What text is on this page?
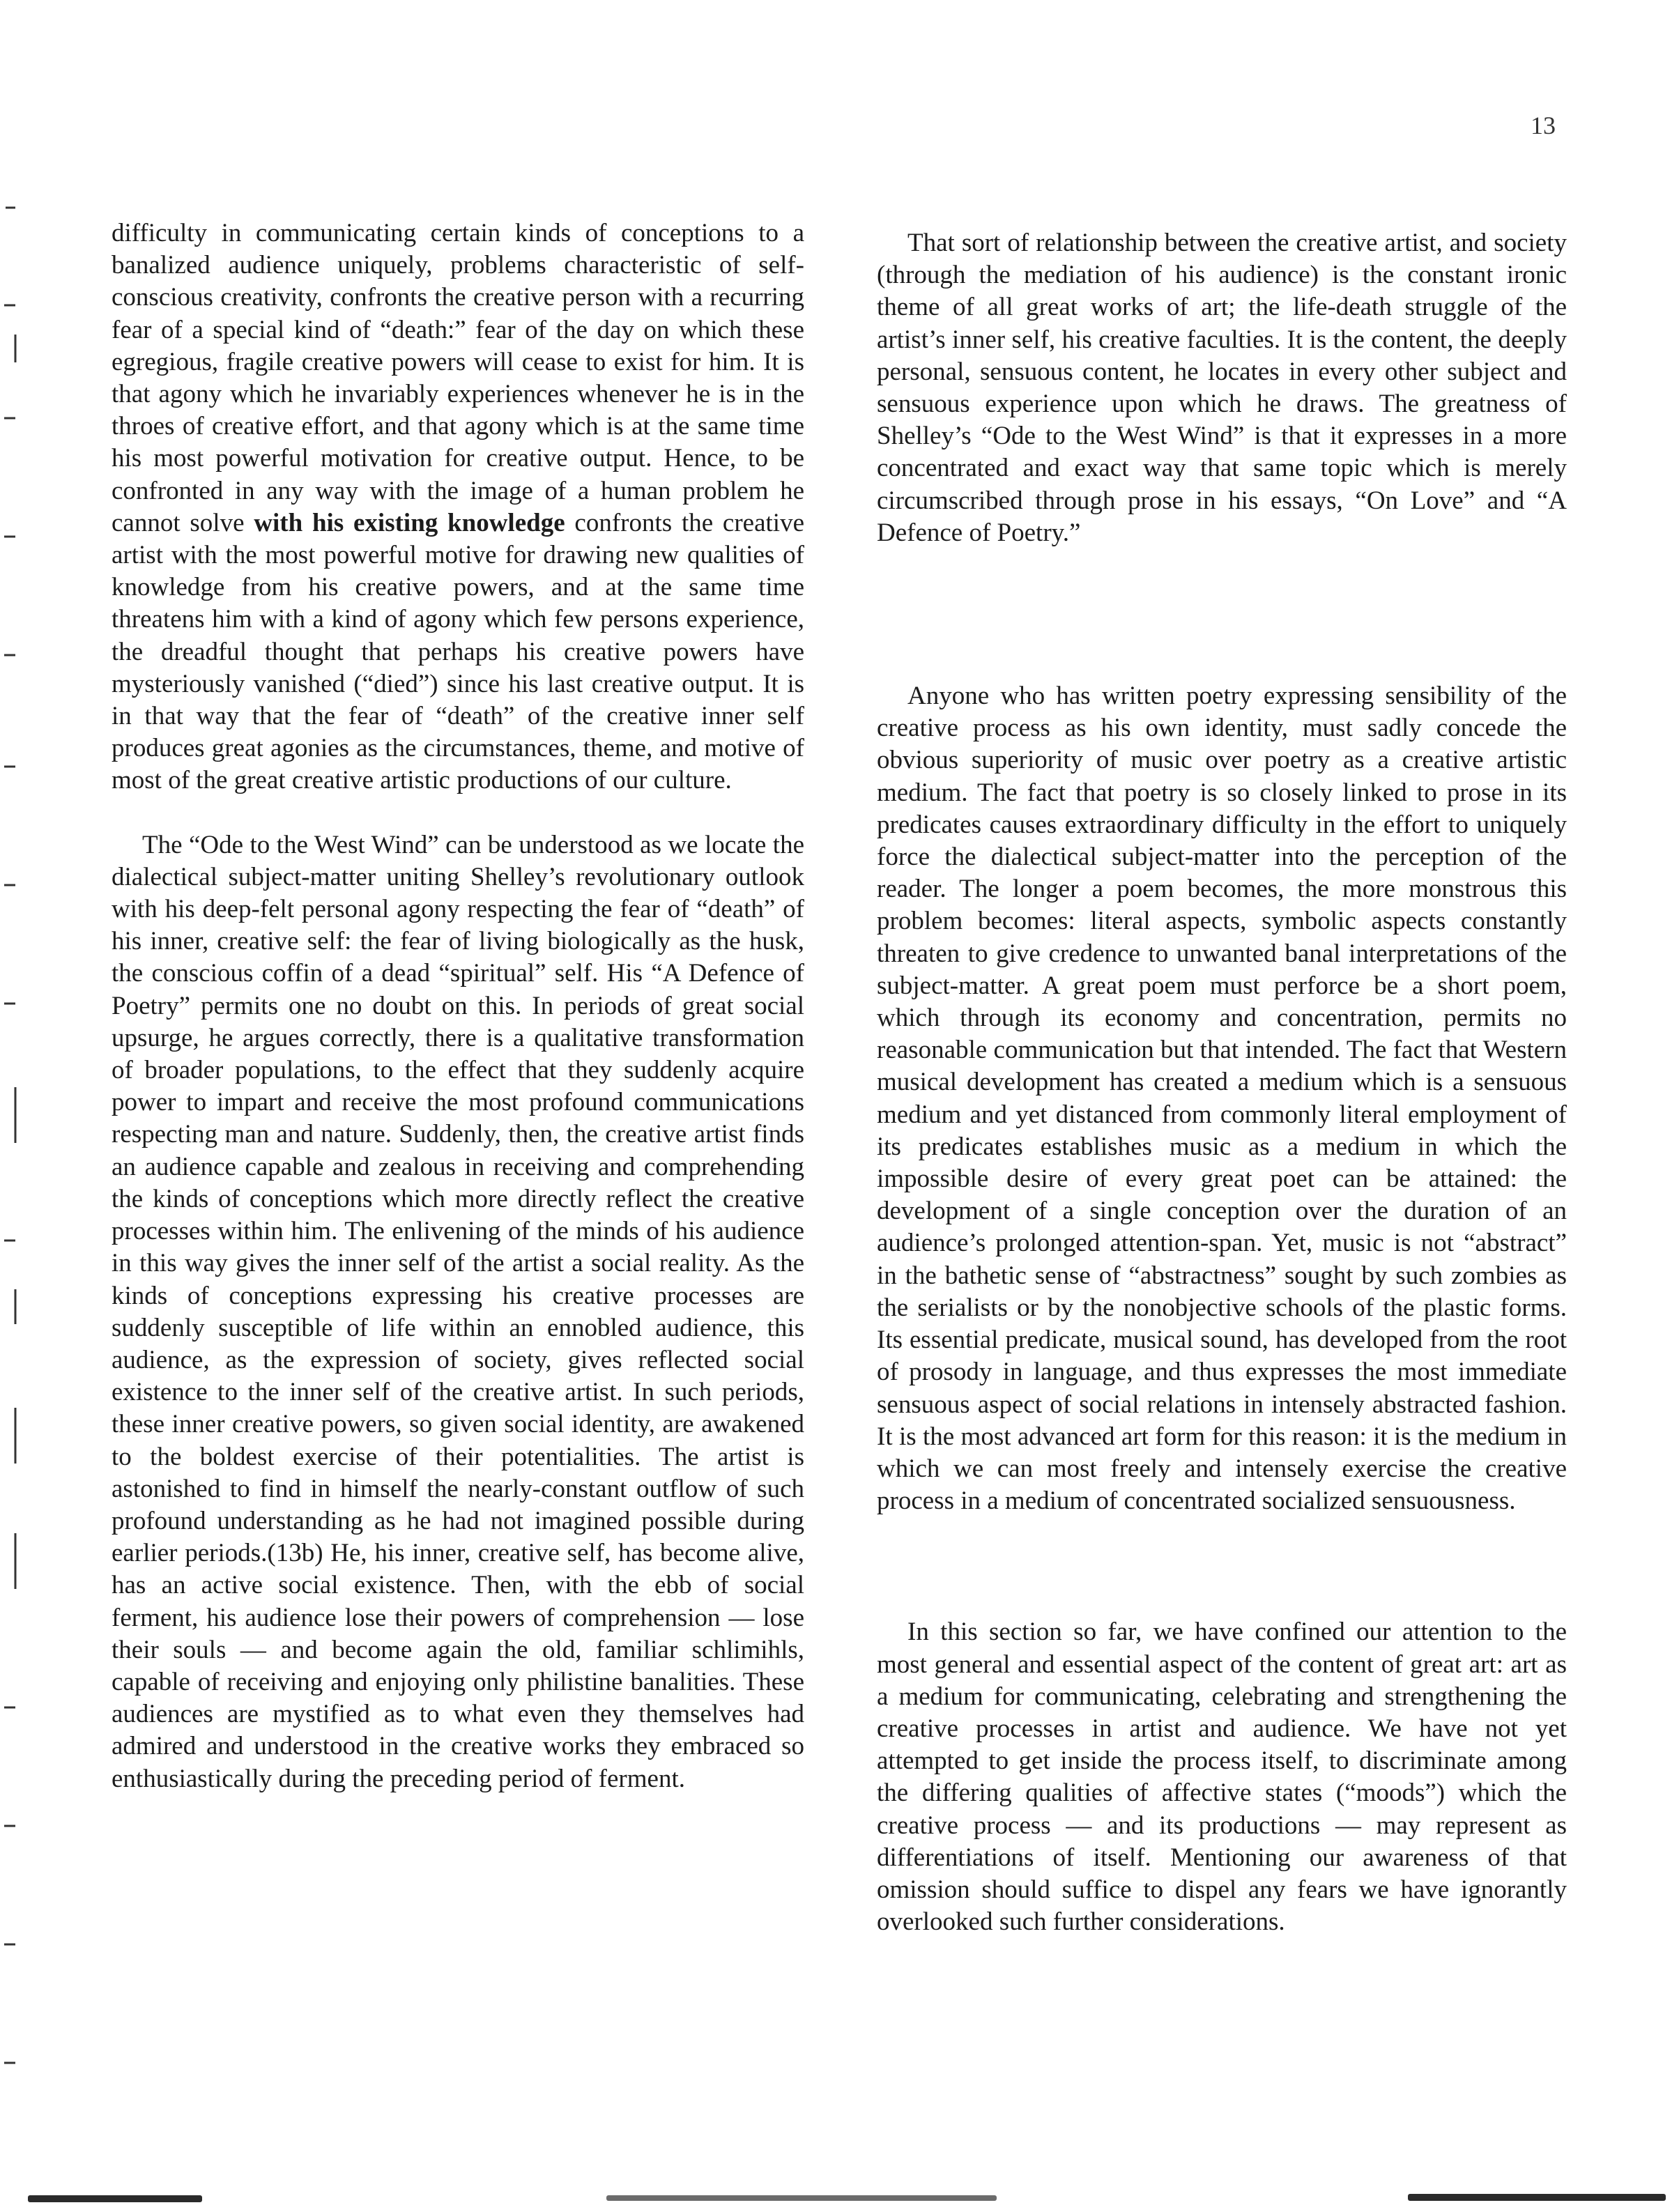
13

difficulty in communicating certain kinds of conceptions to a banalized audience uniquely, problems characteristic of self-conscious creativity, confronts the creative person with a recurring fear of a special kind of “death:” fear of the day on which these egregious, fragile creative powers will cease to exist for him. It is that agony which he invariably experiences whenever he is in the throes of creative effort, and that agony which is at the same time his most powerful motivation for creative output. Hence, to be confronted in any way with the image of a human problem he cannot solve with his existing knowledge confronts the creative artist with the most powerful motive for drawing new qualities of knowledge from his creative powers, and at the same time threatens him with a kind of agony which few persons experience, the dreadful thought that perhaps his creative powers have mysteriously vanished (“died”) since his last creative output. It is in that way that the fear of “death” of the creative inner self produces great agonies as the circumstances, theme, and motive of most of the great creative artistic productions of our culture.

The “Ode to the West Wind” can be understood as we locate the dialectical subject-matter uniting Shelley’s revolutionary outlook with his deep-felt personal agony respecting the fear of “death” of his inner, creative self: the fear of living biologically as the husk, the conscious coffin of a dead “spiritual” self. His “A Defence of Poetry” permits one no doubt on this. In periods of great social upsurge, he argues correctly, there is a qualitative transformation of broader populations, to the effect that they suddenly acquire power to impart and receive the most profound communications respecting man and nature. Suddenly, then, the creative artist finds an audience capable and zealous in receiving and comprehending the kinds of conceptions which more directly reflect the creative processes within him. The enlivening of the minds of his audience in this way gives the inner self of the artist a social reality. As the kinds of conceptions expressing his creative processes are suddenly susceptible of life within an ennobled audience, this audience, as the expression of society, gives reflected social existence to the inner self of the creative artist. In such periods, these inner creative powers, so given social identity, are awakened to the boldest exercise of their potentialities. The artist is astonished to find in himself the nearly-constant outflow of such profound understanding as he had not imagined possible during earlier periods.(13b) He, his inner, creative self, has become alive, has an active social existence. Then, with the ebb of social ferment, his audience lose their powers of comprehension — lose their souls — and become again the old, familiar schlimihls, capable of receiving and enjoying only philistine banalities. These audiences are mystified as to what even they themselves had admired and understood in the creative works they embraced so enthusiastically during the preceding period of ferment.

That sort of relationship between the creative artist, and society (through the mediation of his audience) is the constant ironic theme of all great works of art; the life-death struggle of the artist’s inner self, his creative faculties. It is the content, the deeply personal, sensuous content, he locates in every other subject and sensuous experience upon which he draws. The greatness of Shelley’s “Ode to the West Wind” is that it expresses in a more concentrated and exact way that same topic which is merely circumscribed through prose in his essays, “On Love” and “A Defence of Poetry.”

Anyone who has written poetry expressing sensibility of the creative process as his own identity, must sadly concede the obvious superiority of music over poetry as a creative artistic medium. The fact that poetry is so closely linked to prose in its predicates causes extraordinary difficulty in the effort to uniquely force the dialectical subject-matter into the perception of the reader. The longer a poem becomes, the more monstrous this problem becomes: literal aspects, symbolic aspects constantly threaten to give credence to unwanted banal interpretations of the subject-matter. A great poem must perforce be a short poem, which through its economy and concentration, permits no reasonable communication but that intended. The fact that Western musical development has created a medium which is a sensuous medium and yet distanced from commonly literal employment of its predicates establishes music as a medium in which the impossible desire of every great poet can be attained: the development of a single conception over the duration of an audience’s prolonged attention-span. Yet, music is not “abstract” in the bathetic sense of “abstractness” sought by such zombies as the serialists or by the nonobjective schools of the plastic forms. Its essential predicate, musical sound, has developed from the root of prosody in language, and thus expresses the most immediate sensuous aspect of social relations in intensely abstracted fashion. It is the most advanced art form for this reason: it is the medium in which we can most freely and intensely exercise the creative process in a medium of concentrated socialized sensuousness.

In this section so far, we have confined our attention to the most general and essential aspect of the content of great art: art as a medium for communicating, celebrating and strengthening the creative processes in artist and audience. We have not yet attempted to get inside the process itself, to discriminate among the differing qualities of affective states (“moods”) which the creative process — and its productions — may represent as differentiations of itself. Mentioning our awareness of that omission should suffice to dispel any fears we have ignorantly overlooked such further considerations.
